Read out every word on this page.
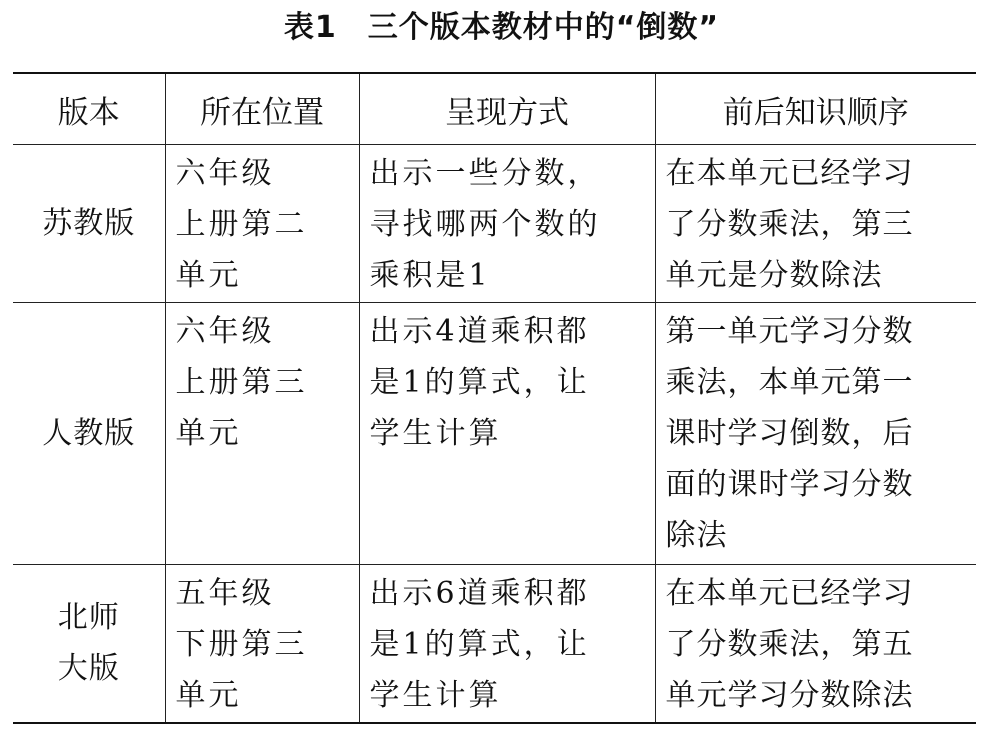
表1　三个版本教材中的“倒数”
版本	所在位置	呈现方式	前后知识顺序

苏教版	六年级
上册第二
单元	出示一些分数，
寻找哪两个数的
乘积是1	在本单元已经学习
了分数乘法，第三
单元是分数除法

人教版	六年级
上册第三
单元	出示4道乘积都
是1的算式，让
学生计算	第一单元学习分数
乘法，本单元第一
课时学习倒数，后
面的课时学习分数
除法

北师
大版	五年级
下册第三
单元	出示6道乘积都
是1的算式，让
学生计算	在本单元已经学习
了分数乘法，第五
单元学习分数除法
